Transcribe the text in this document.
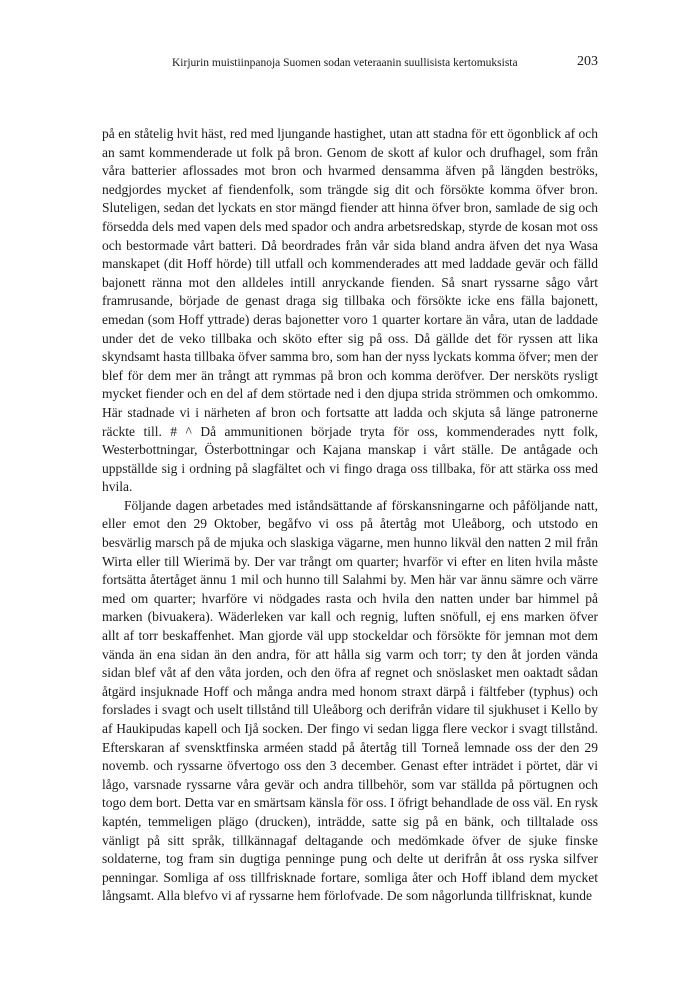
Kirjurin muistiinpanoja Suomen sodan veteraanin suullisista kertomuksista	203

på en ståtelig hvit häst, red med ljungande hastighet, utan att stadna för ett ögonblick af och an samt kommenderade ut folk på bron. Genom de skott af kulor och drufhagel, som från våra batterier aflossades mot bron och hvarmed densamma äfven på längden beströks, nedgjordes mycket af fiendenfolk, som trängde sig dit och försökte komma öfver bron. Sluteligen, sedan det lyckats en stor mängd fiender att hinna öfver bron, samlade de sig och försedda dels med vapen dels med spador och andra arbetsredskap, styrde de kosan mot oss och bestormade vårt batteri. Då beordrades från vår sida bland andra äfven det nya Wasa manskapet (dit Hoff hörde) till utfall och kommenderades att med laddade gevär och fälld bajonett ränna mot den alldeles intill anryckande fienden. Så snart ryssarne sågo vårt framrusande, började de genast draga sig tillbaka och försökte icke ens fälla bajonett, emedan (som Hoff yttrade) deras bajonetter voro 1 quarter kortare än våra, utan de laddade under det de veko tillbaka och sköto efter sig på oss. Då gällde det för ryssen att lika skyndsamt hasta tillbaka öfver samma bro, som han der nyss lyckats komma öfver; men der blef för dem mer än trångt att rymmas på bron och komma deröfver. Der nersköts rysligt mycket fiender och en del af dem störtade ned i den djupa strida strömmen och omkommo. Här stadnade vi i närheten af bron och fortsatte att ladda och skjuta så länge patronerne räckte till. # ^ Då ammunitionen började tryta för oss, kommenderades nytt folk, Westerbottningar, Österbottningar och Kajana manskap i vårt ställe. De antågade och uppställde sig i ordning på slagfältet och vi fingo draga oss tillbaka, för att stärka oss med hvila.

Följande dagen arbetades med iståndsättande af förskansningarne och påföljande natt, eller emot den 29 Oktober, begåfvo vi oss på återtåg mot Uleåborg, och utstodo en besvärlig marsch på de mjuka och slaskiga vägarne, men hunno likväl den natten 2 mil från Wirta eller till Wierimä by. Der var trångt om quarter; hvarför vi efter en liten hvila måste fortsätta återtåget ännu 1 mil och hunno till Salahmi by. Men här var ännu sämre och värre med om quarter; hvarföre vi nödgades rasta och hvila den natten under bar himmel på marken (bivuakera). Wäderleken var kall och regnig, luften snöfull, ej ens marken öfver allt af torr beskaffenhet. Man gjorde väl upp stockeldar och försökte för jemnan mot dem vända än ena sidan än den andra, för att hålla sig varm och torr; ty den åt jorden vända sidan blef våt af den våta jorden, och den öfra af regnet och snöslasket men oaktadt sådan åtgärd insjuknade Hoff och många andra med honom straxt därpå i fältfeber (typhus) och forslades i svagt och uselt tillstånd till Uleåborg och derifrån vidare til sjukhuset i Kello by af Haukipudas kapell och Ijå socken. Der fingo vi sedan ligga flere veckor i svagt tillstånd. Efterskaran af svensktfinska arméen stadd på återtåg till Torneå lemnade oss der den 29 novemb. och ryssarne öfvertogo oss den 3 december. Genast efter inträdet i pörtet, där vi lågo, varsnade ryssarne våra gevär och andra tillbehör, som var ställda på pörtugnen och togo dem bort. Detta var en smärtsam känsla för oss. I öfrigt behandlade de oss väl. En rysk kaptén, temmeligen plägo (drucken), inträdde, satte sig på en bänk, och tilltalade oss vänligt på sitt språk, tillkännagaf deltagande och medömkade öfver de sjuke finske soldaterne, tog fram sin dugtiga penninge pung och delte ut derifrån åt oss ryska silfver penningar. Somliga af oss tillfrisknade fortare, somliga åter och Hoff ibland dem mycket långsamt. Alla blefvo vi af ryssarne hem förlofvade. De som någorlunda tillfrisknat, kunde
